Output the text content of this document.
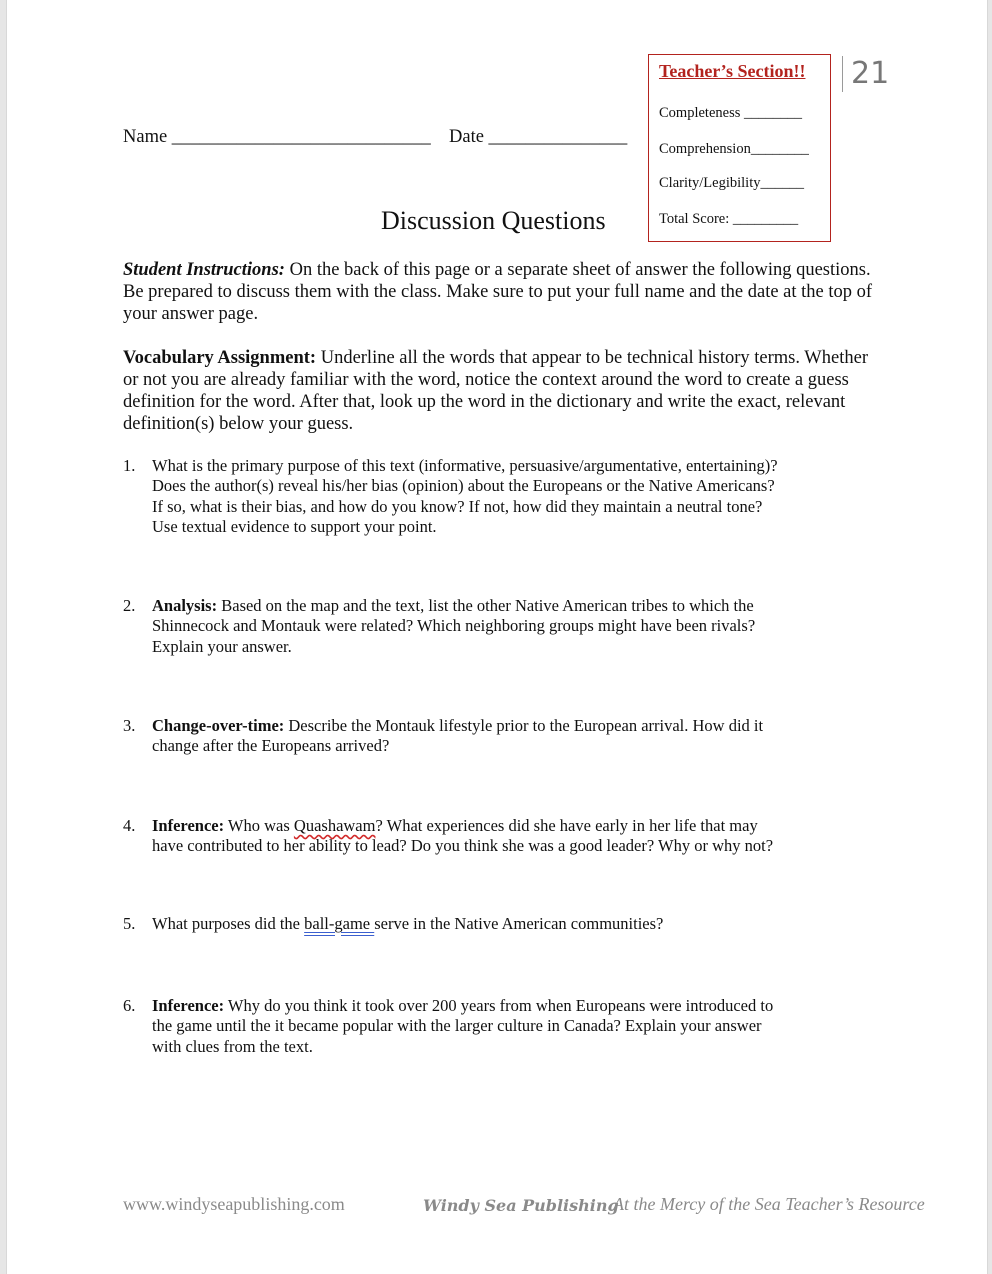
Teacher’s Section!!
Completeness ________
Comprehension________
Clarity/Legibility______
Total Score: _________
21
Name ____________________________ Date _______________
Discussion Questions
Student Instructions: On the back of this page or a separate sheet of answer the following questions. Be prepared to discuss them with the class. Make sure to put your full name and the date at the top of your answer page.
Vocabulary Assignment: Underline all the words that appear to be technical history terms. Whether or not you are already familiar with the word, notice the context around the word to create a guess definition for the word. After that, look up the word in the dictionary and write the exact, relevant definition(s) below your guess.
1. What is the primary purpose of this text (informative, persuasive/argumentative, entertaining)?
Does the author(s) reveal his/her bias (opinion) about the Europeans or the Native Americans?
If so, what is their bias, and how do you know? If not, how did they maintain a neutral tone?
Use textual evidence to support your point.
2. Analysis: Based on the map and the text, list the other Native American tribes to which the
Shinnecock and Montauk were related? Which neighboring groups might have been rivals?
Explain your answer.
3. Change-over-time: Describe the Montauk lifestyle prior to the European arrival. How did it
change after the Europeans arrived?
4. Inference: Who was Quashawam? What experiences did she have early in her life that may
have contributed to her ability to lead? Do you think she was a good leader? Why or why not?
5. What purposes did the ball-game serve in the Native American communities?
6. Inference: Why do you think it took over 200 years from when Europeans were introduced to
the game until the it became popular with the larger culture in Canada? Explain your answer
with clues from the text.
www.windyseapublishing.com	Windy Sea Publishing
At the Mercy of the Sea Teacher’s Resource
